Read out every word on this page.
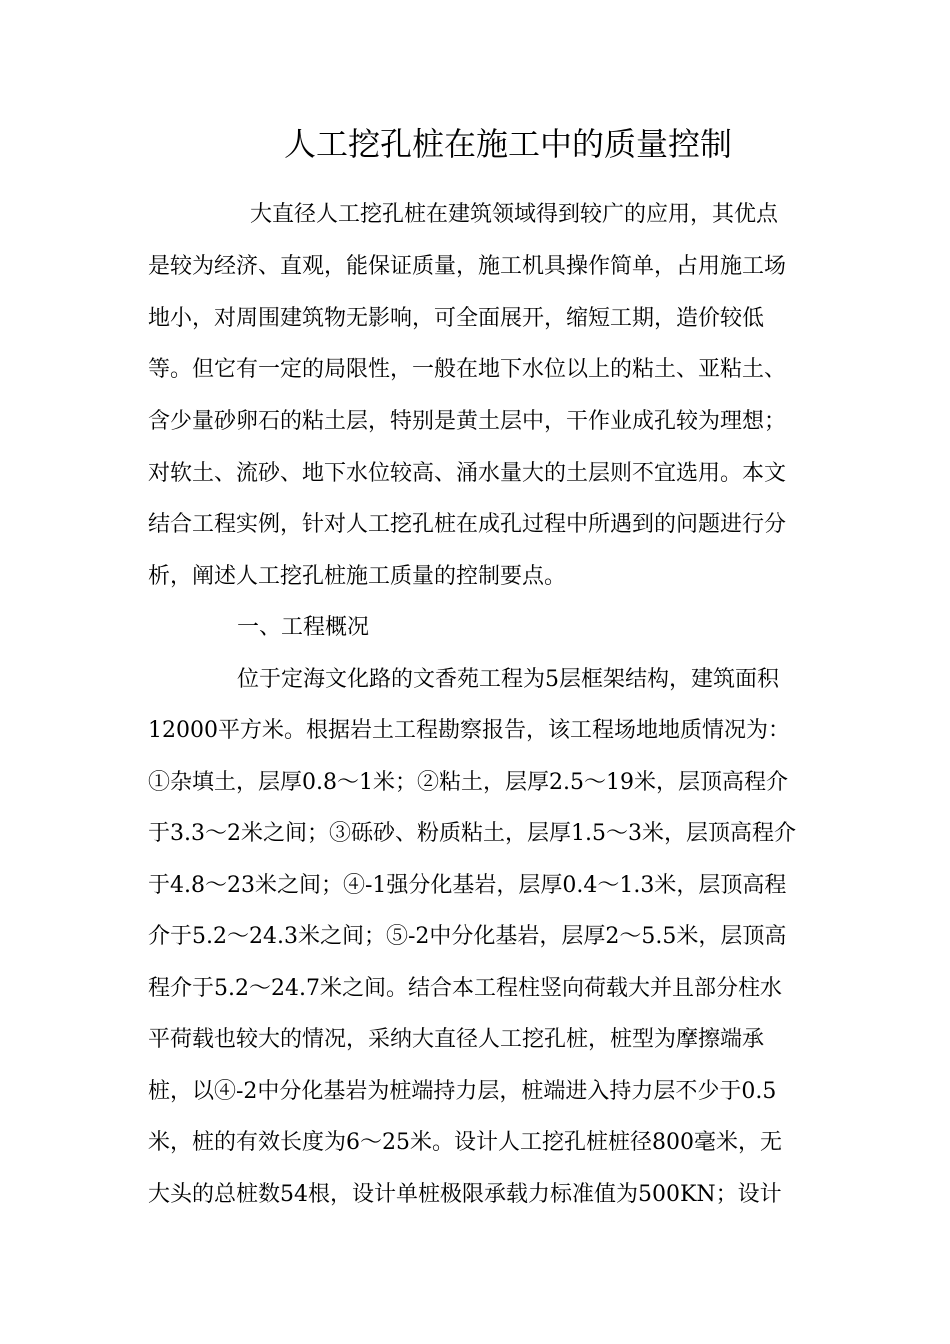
人工挖孔桩在施工中的质量控制

大直径人工挖孔桩在建筑领域得到较广的应用，其优点

是较为经济、直观，能保证质量，施工机具操作简单，占用施工场

地小，对周围建筑物无影响，可全面展开，缩短工期，造价较低

等。但它有一定的局限性，一般在地下水位以上的粘土、亚粘土、

含少量砂卵石的粘土层，特别是黄土层中，干作业成孔较为理想；

对软土、流砂、地下水位较高、涌水量大的土层则不宜选用。本文

结合工程实例，针对人工挖孔桩在成孔过程中所遇到的问题进行分

析，阐述人工挖孔桩施工质量的控制要点。

一、工程概况

位于定海文化路的文香苑工程为5层框架结构，建筑面积

12000平方米。根据岩土工程勘察报告，该工程场地地质情况为：

①杂填土，层厚0.8～1米；②粘土，层厚2.5～19米，层顶高程介

于3.3～2米之间；③砾砂、粉质粘土，层厚1.5～3米，层顶高程介

于4.8～23米之间；④-1强分化基岩，层厚0.4～1.3米，层顶高程

介于5.2～24.3米之间；⑤-2中分化基岩，层厚2～5.5米，层顶高

程介于5.2～24.7米之间。结合本工程柱竖向荷载大并且部分柱水

平荷载也较大的情况，采纳大直径人工挖孔桩，桩型为摩擦端承

桩，以④-2中分化基岩为桩端持力层，桩端进入持力层不少于0.5

米，桩的有效长度为6～25米。设计人工挖孔桩桩径800毫米，无

大头的总桩数54根，设计单桩极限承载力标准值为500KN；设计
